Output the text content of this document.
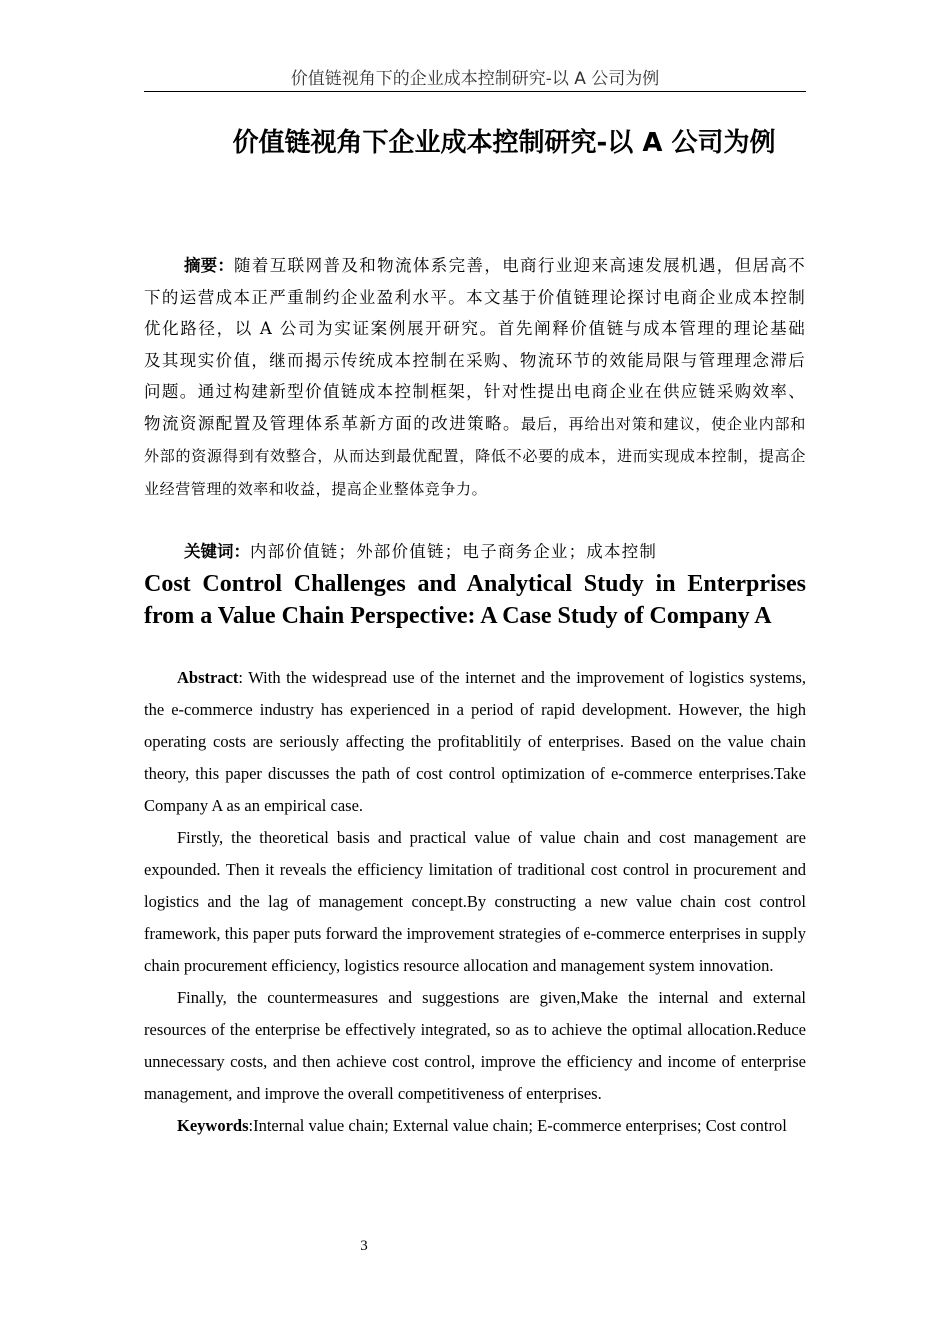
价值链视角下的企业成本控制研究-以 A 公司为例
价值链视角下企业成本控制研究-以 A 公司为例

摘要：随着互联网普及和物流体系完善，电商行业迎来高速发展机遇，但居高不下的运营成本正严重制约企业盈利水平。本文基于价值链理论探讨电商企业成本控制优化路径，以 A 公司为实证案例展开研究。首先阐释价值链与成本管理的理论基础及其现实价值，继而揭示传统成本控制在采购、物流环节的效能局限与管理理念滞后问题。通过构建新型价值链成本控制框架，针对性提出电商企业在供应链采购效率、物流资源配置及管理体系革新方面的改进策略。最后，再给出对策和建议，使企业内部和外部的资源得到有效整合，从而达到最优配置，降低不必要的成本，进而实现成本控制，提高企业经营管理的效率和收益，提高企业整体竞争力。

关键词：内部价值链；外部价值链；电子商务企业；成本控制

Cost Control Challenges and Analytical Study in Enterprises from a Value Chain Perspective: A Case Study of Company A

Abstract: With the widespread use of the internet and the improvement of logistics systems, the e-commerce industry has experienced in a period of rapid development. However, the high operating costs are seriously affecting the profitablitily of enterprises. Based on the value chain theory, this paper discusses the path of cost control optimization of e-commerce enterprises.Take Company A as an empirical case.

Firstly, the theoretical basis and practical value of value chain and cost management are expounded. Then it reveals the efficiency limitation of traditional cost control in procurement and logistics and the lag of management concept.By constructing a new value chain cost control framework, this paper puts forward the improvement strategies of e-commerce enterprises in supply chain procurement efficiency, logistics resource allocation and management system innovation.

Finally, the countermeasures and suggestions are given,Make the internal and external resources of the enterprise be effectively integrated, so as to achieve the optimal allocation.Reduce unnecessary costs, and then achieve cost control, improve the efficiency and income of enterprise management, and improve the overall competitiveness of enterprises.

Keywords:Internal value chain; External value chain; E-commerce enterprises; Cost control

3
